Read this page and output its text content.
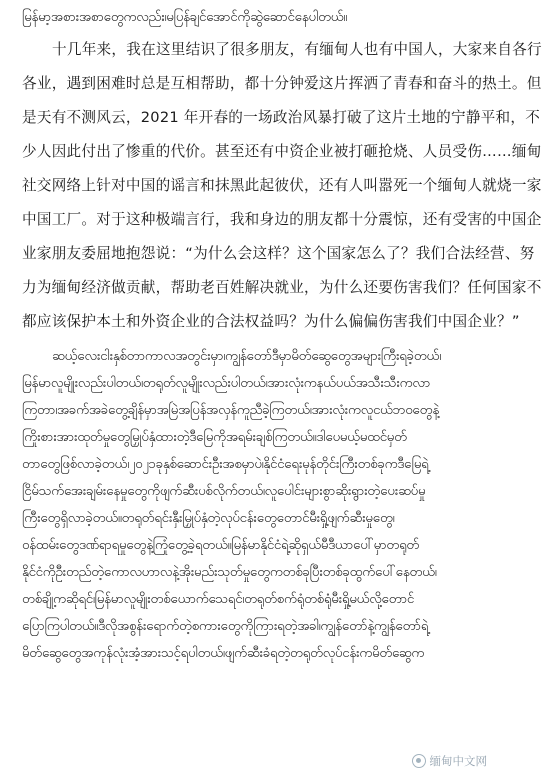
မြန်မာ့အစားအစာတွေကလည်း၊မပြန်ချင်အောင်ကိုဆွဲဆောင်နေပါတယ်။

十几年来，我在这里结识了很多朋友，有缅甸人也有中国人，大家来自各行

各业，遇到困难时总是互相帮助，都十分钟爱这片挥洒了青春和奋斗的热土。但

是天有不测风云，2021 年开春的一场政治风暴打破了这片土地的宁静平和，不

少人因此付出了惨重的代价。甚至还有中资企业被打砸抢烧、人员受伤……缅甸

社交网络上针对中国的谣言和抹黑此起彼伏，还有人叫嚣死一个缅甸人就烧一家

中国工厂。对于这种极端言行，我和身边的朋友都十分震惊，还有受害的中国企

业家朋友委屈地抱怨说：“为什么会这样？这个国家怎么了？我们合法经营、努

力为缅甸经济做贡献，帮助老百姓解决就业，为什么还要伤害我们？任何国家不

都应该保护本土和外资企业的合法权益吗？为什么偏偏伤害我们中国企业？”

ဆယ့်လေးငါးနှစ်တာကာလအတွင်းမှာ၊ကျွန်တော်ဒီမှာမိတ်ဆွေတွေအများကြီးရခဲ့တယ်၊

မြန်မာလူမျိုးလည်းပါတယ်၊တရုတ်လူမျိုးလည်းပါတယ်၊အားလုံးကနယ်ပယ်အသီးသီးကလာ

ကြတာ၊အခက်အခဲတွေ့ချိန်မှာအမြဲအပြန်အလှန်ကူညီခဲ့ကြတယ်၊အားလုံးကလူငယ်ဘဝတွေနဲ့

ကြိုးစားအားထုတ်မှုတွေမြှုပ်နှံထားတဲ့ဒီမြေကိုအရမ်းချစ်ကြတယ်။ဒါပေမယ့်မထင်မှတ်

တာတွေဖြစ်လာခဲ့တယ်၊၂၀၂၁ခုနှစ်ဆောင်းဦးအစမှာပဲ၊နိုင်ငံရေးမုန်တိုင်းကြီးတစ်ခုကဒီမြေရဲ့

ငြိမ်သက်အေးချမ်းနေမှုတွေကိုဖျက်ဆီးပစ်လိုက်တယ်၊လူပေါင်းများစွာဆိုးရွားတဲ့ပေးဆပ်မှု

ကြီးတွေရှိလာခဲ့တယ်။တရုတ်ရင်းနှီးမြှုပ်နှံတဲ့လုပ်ငန်းတွေတောင်မီးရှို့ဖျက်ဆီးမှုတွေ၊

ဝန်ထမ်းတွေဒဏ်ရာရမှုတွေနဲ့ကြုံတွေ့ခဲ့ရတယ်။မြန်မာနိုင်ငံရဲ့ဆိုရှယ်မီဒီယာပေါ်မှာတရုတ်

နိုင်ငံကိုဦးတည်တဲ့ကောလဟာလနဲ့အိုးမည်းသုတ်မှုတွေကတစ်ခုပြီးတစ်ခုထွက်ပေါ်နေတယ်၊

တစ်ချို့ကဆိုရင်၊မြန်မာလူမျိုးတစ်ယောက်သေရင်၊တရုတ်စက်ရုံတစ်ရုံမီးရှို့မယ်လို့တောင်

ပြောကြပါတယ်။ဒီလိုအစွန်းရောက်တဲ့စကားတွေကိုကြားရတဲ့အခါ၊ကျွန်တော်နဲ့ကျွန်တော်ရဲ့

မိတ်ဆွေတွေအကုန်လုံးအံ့အားသင့်ရပါတယ်၊ဖျက်ဆီးခံရတဲ့တရုတ်လုပ်ငန်းကမိတ်ဆွေက

缅甸中文网
